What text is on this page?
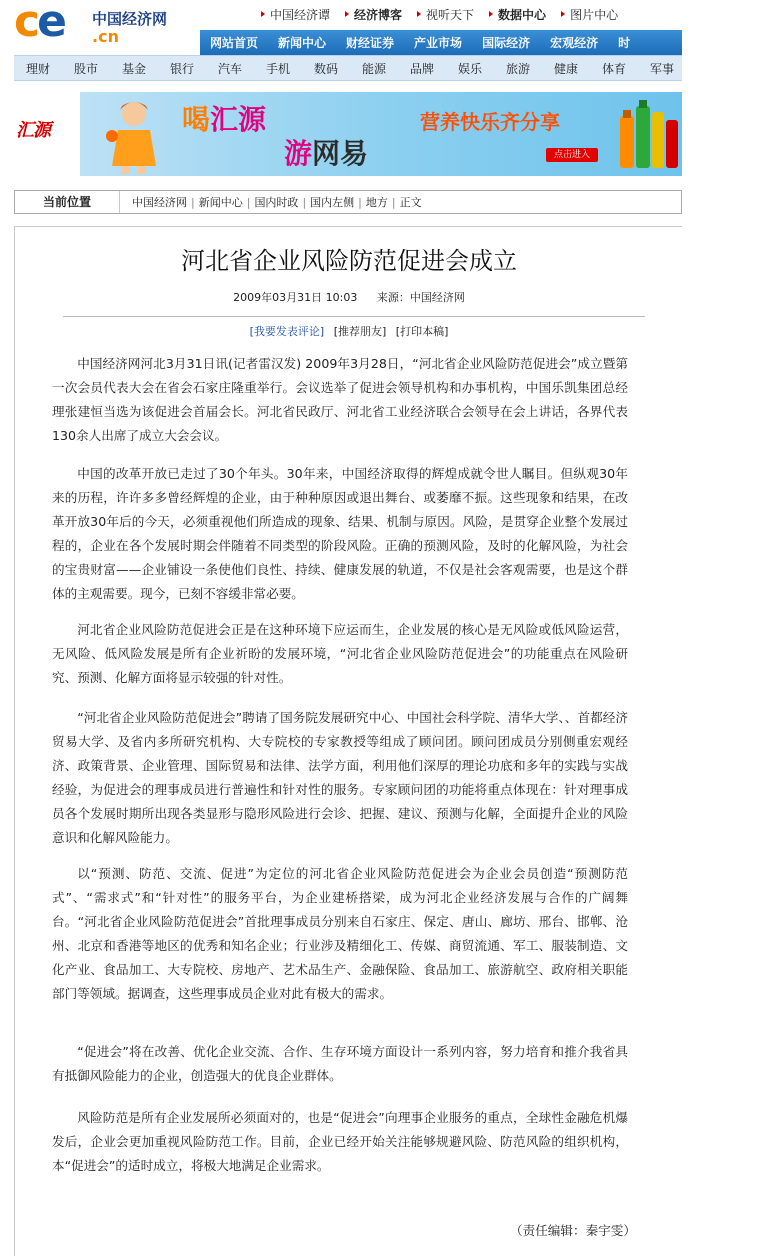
ce 中国经济网
.cn
中国经济谭	经济博客	视听天下	数据中心	图片中心
网站首页	新闻中心	财经证券	产业市场	国际经济	宏观经济	时
理财	股市	基金	银行	汽车	手机	数码	能源	品牌	娱乐	旅游	健康	体育	军事
汇源	喝汇源
游网易
营养快乐齐分享
点击进入
当前位置	中国经济网 | 新闻中心 | 国内时政 | 国内左侧 | 地方 | 正文
河北省企业风险防范促进会成立
2009年03月31日 10:03 来源：中国经济网
[我要发表评论] [推荐朋友] [打印本稿]
中国经济网河北3月31日讯(记者雷汉发) 2009年3月28日，“河北省企业风险防范促进会”成立暨第一次会员代表大会在省会石家庄隆重举行。会议选举了促进会领导机构和办事机构，中国乐凯集团总经理张建恒当选为该促进会首届会长。河北省民政厅、河北省工业经济联合会领导在会上讲话，各界代表130余人出席了成立大会会议。
中国的改革开放已走过了30个年头。30年来，中国经济取得的辉煌成就令世人瞩目。但纵观30年来的历程，许许多多曾经辉煌的企业，由于种种原因或退出舞台、或萎靡不振。这些现象和结果，在改革开放30年后的今天，必须重视他们所造成的现象、结果、机制与原因。风险，是贯穿企业整个发展过程的，企业在各个发展时期会伴随着不同类型的阶段风险。正确的预测风险，及时的化解风险，为社会的宝贵财富——企业铺设一条使他们良性、持续、健康发展的轨道，不仅是社会客观需要，也是这个群体的主观需要。现今，已刻不容缓非常必要。
河北省企业风险防范促进会正是在这种环境下应运而生，企业发展的核心是无风险或低风险运营，无风险、低风险发展是所有企业祈盼的发展环境，“河北省企业风险防范促进会”的功能重点在风险研究、预测、化解方面将显示较强的针对性。
“河北省企业风险防范促进会”聘请了国务院发展研究中心、中国社会科学院、清华大学、、首都经济贸易大学、及省内多所研究机构、大专院校的专家教授等组成了顾问团。顾问团成员分别侧重宏观经济、政策背景、企业管理、国际贸易和法律、法学方面，利用他们深厚的理论功底和多年的实践与实战经验，为促进会的理事成员进行普遍性和针对性的服务。专家顾问团的功能将重点体现在：针对理事成员各个发展时期所出现各类显形与隐形风险进行会诊、把握、建议、预测与化解，全面提升企业的风险意识和化解风险能力。
以“预测、防范、交流、促进”为定位的河北省企业风险防范促进会为企业会员创造“预测防范式”、“需求式”和“针对性”的服务平台，为企业建桥搭梁，成为河北企业经济发展与合作的广阔舞台。“河北省企业风险防范促进会”首批理事成员分别来自石家庄、保定、唐山、廊坊、邢台、邯郸、沧州、北京和香港等地区的优秀和知名企业；行业涉及精细化工、传媒、商贸流通、军工、服装制造、文化产业、食品加工、大专院校、房地产、艺术品生产、金融保险、食品加工、旅游航空、政府相关职能部门等领域。据调查，这些理事成员企业对此有极大的需求。
“促进会”将在改善、优化企业交流、合作、生存环境方面设计一系列内容，努力培育和推介我省具有抵御风险能力的企业，创造强大的优良企业群体。
风险防范是所有企业发展所必须面对的，也是“促进会”向理事企业服务的重点，全球性金融危机爆发后，企业会更加重视风险防范工作。目前，企业已经开始关注能够规避风险、防范风险的组织机构，本“促进会”的适时成立，将极大地满足企业需求。
（责任编辑：秦宇雯）
